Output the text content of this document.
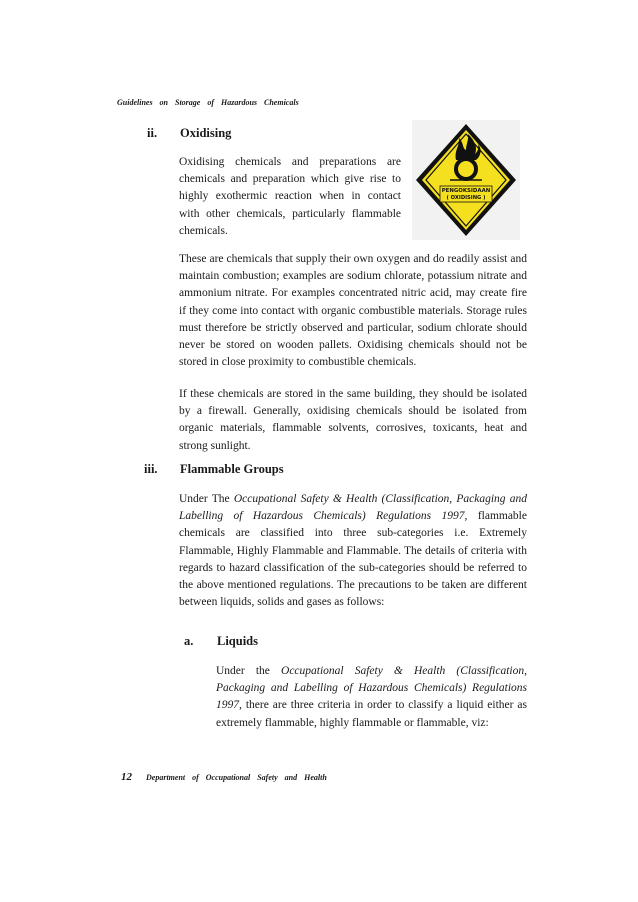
Guidelines on Storage of Hazardous Chemicals
ii. Oxidising

Oxidising chemicals and preparations are chemicals and preparation which give rise to highly exothermic reaction when in contact with other chemicals, particularly flammable chemicals.

PENGOKSIDAAN
( OXIDISING )

These are chemicals that supply their own oxygen and do readily assist and maintain combustion; examples are sodium chlorate, potassium nitrate and ammonium nitrate. For examples concentrated nitric acid, may create fire if they come into contact with organic combustible materials. Storage rules must therefore be strictly observed and particular, sodium chlorate should never be stored on wooden pallets. Oxidising chemicals should not be stored in close proximity to combustible chemicals.

If these chemicals are stored in the same building, they should be isolated by a firewall. Generally, oxidising chemicals should be isolated from organic materials, flammable solvents, corrosives, toxicants, heat and strong sunlight.

iii. Flammable Groups

Under The Occupational Safety & Health (Classification, Packaging and Labelling of Hazardous Chemicals) Regulations 1997, flammable chemicals are classified into three sub-categories i.e. Extremely Flammable, Highly Flammable and Flammable. The details of criteria with regards to hazard classification of the sub-categories should be referred to the above mentioned regulations. The precautions to be taken are different between liquids, solids and gases as follows:

a. Liquids

Under the Occupational Safety & Health (Classification, Packaging and Labelling of Hazardous Chemicals) Regulations 1997, there are three criteria in order to classify a liquid either as extremely flammable, highly flammable or flammable, viz:

12 Department of Occupational Safety and Health
